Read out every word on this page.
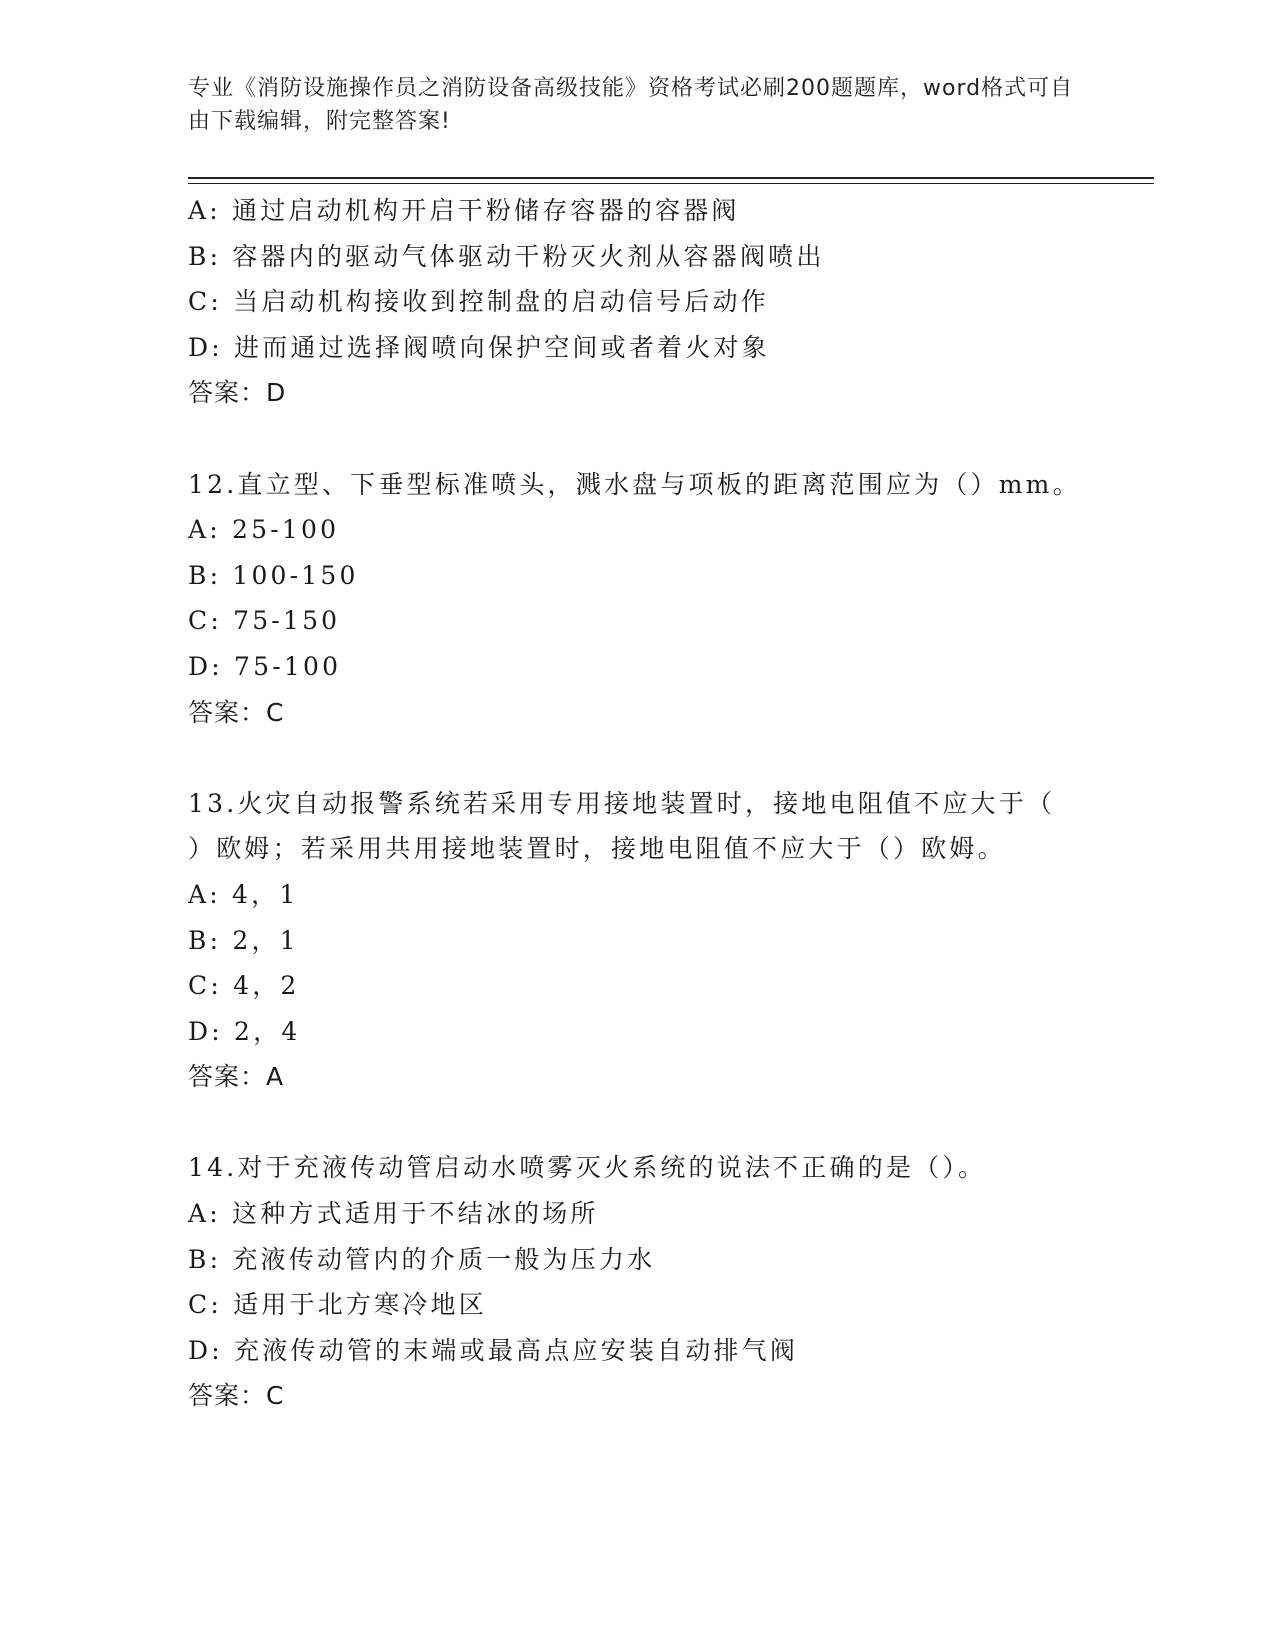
专业《消防设施操作员之消防设备高级技能》资格考试必刷200题题库，word格式可自由下载编辑，附完整答案!
A: 通过启动机构开启干粉储存容器的容器阀
B: 容器内的驱动气体驱动干粉灭火剂从容器阀喷出
C: 当启动机构接收到控制盘的启动信号后动作
D: 进而通过选择阀喷向保护空间或者着火对象
答案：D
12.直立型、下垂型标准喷头，溅水盘与项板的距离范围应为（）mm。
A: 25-100
B: 100-150
C: 75-150
D: 75-100
答案：C
13.火灾自动报警系统若采用专用接地装置时，接地电阻值不应大于（
）欧姆；若采用共用接地装置时，接地电阻值不应大于（）欧姆。
A: 4，1
B: 2，1
C: 4，2
D: 2，4
答案：A
14.对于充液传动管启动水喷雾灭火系统的说法不正确的是（）。
A: 这种方式适用于不结冰的场所
B: 充液传动管内的介质一般为压力水
C: 适用于北方寒冷地区
D: 充液传动管的末端或最高点应安装自动排气阀
答案：C
